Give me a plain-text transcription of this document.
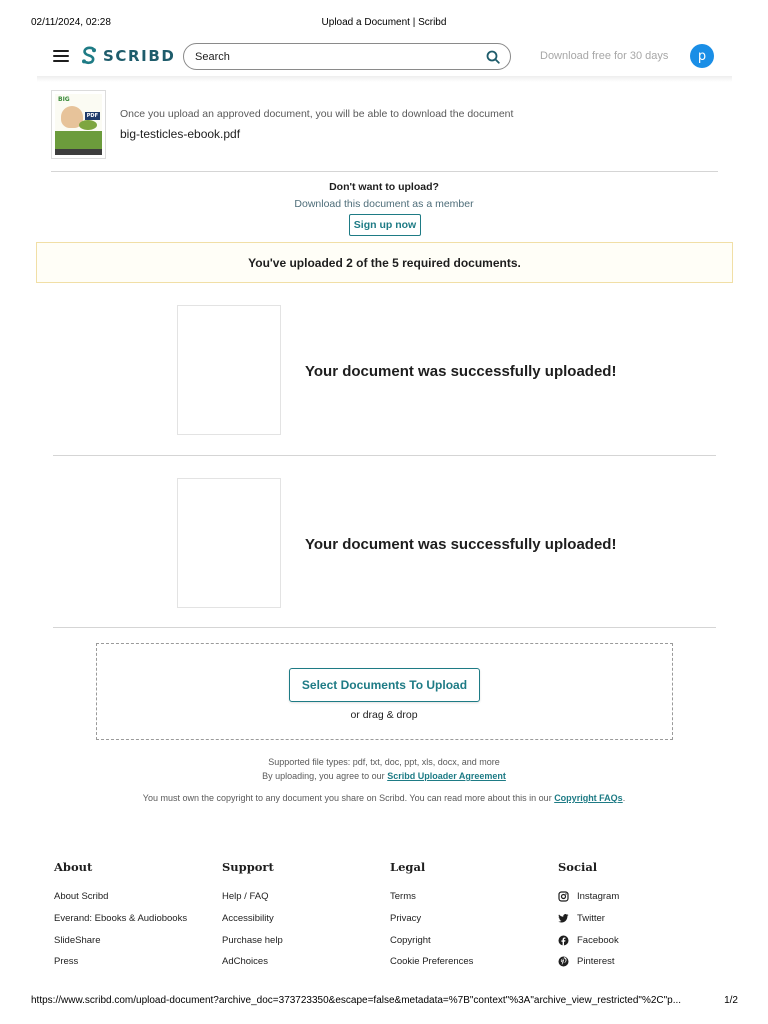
02/11/2024, 02:28	Upload a Document | Scribd
SCRIBD
Search	Download free for 30 days	p
BIG
PDF Once you upload an approved document, you will be able to download the document
big-testicles-ebook.pdf
Don't want to upload?
Download this document as a member
Sign up now
You've uploaded 2 of the 5 required documents.
Your document was successfully uploaded!
Your document was successfully uploaded!
Select Documents To Upload
or drag & drop
Supported file types: pdf, txt, doc, ppt, xls, docx, and more
By uploading, you agree to our Scribd Uploader Agreement
You must own the copyright to any document you share on Scribd. You can read more about this in our Copyright FAQs.
About
About Scribd
Everand: Ebooks & Audiobooks
SlideShare
Press
Support
Help / FAQ
Accessibility
Purchase help
AdChoices
Legal
Terms
Privacy
Copyright
Cookie Preferences
Social
Instagram
Twitter
Facebook
Pinterest
https://www.scribd.com/upload-document?archive_doc=373723350&escape=false&metadata=%7B"context"%3A"archive_view_restricted"%2C"p...	1/2
